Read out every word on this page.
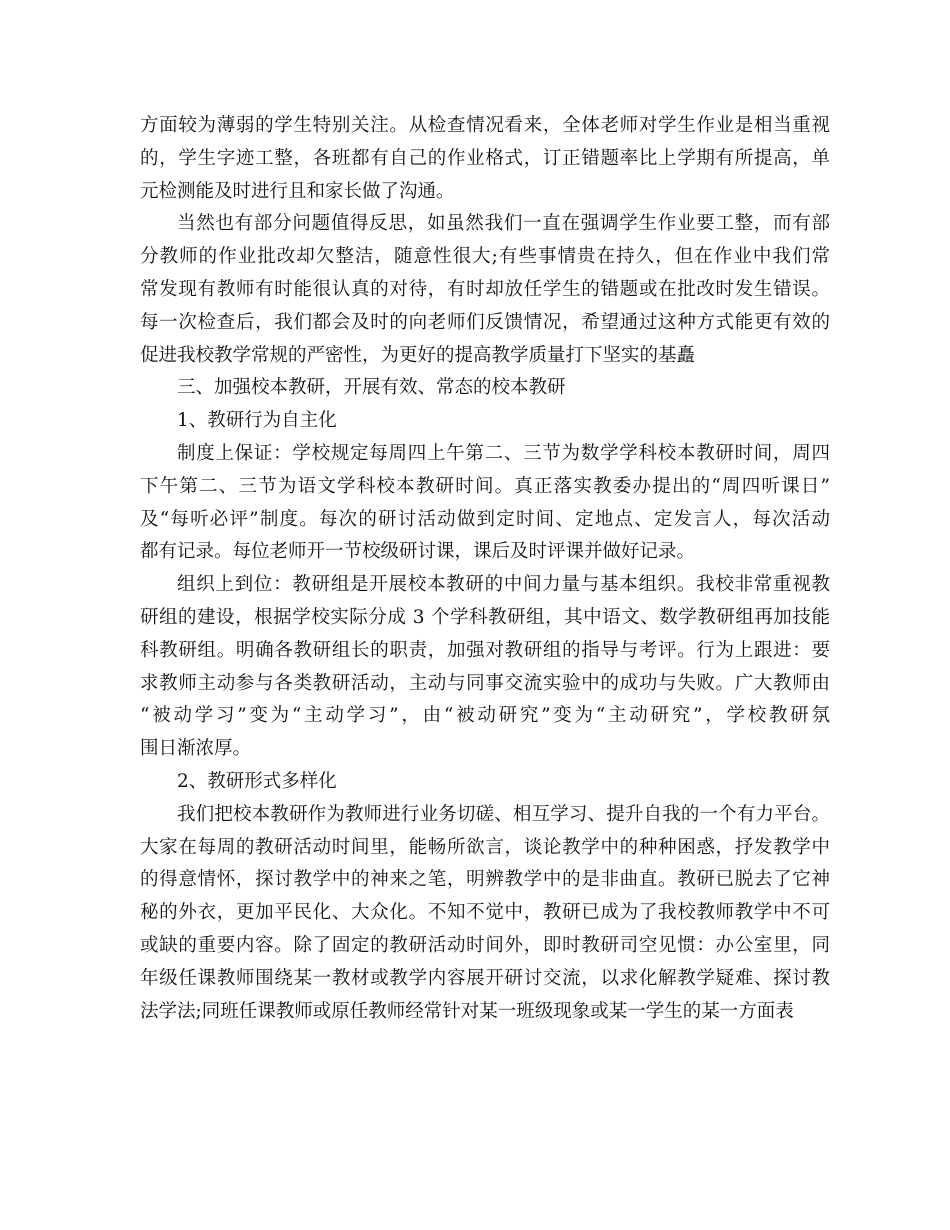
方面较为薄弱的学生特别关注。从检查情况看来，全体老师对学生作业是相当重视
的，学生字迹工整，各班都有自己的作业格式，订正错题率比上学期有所提高，单
元检测能及时进行且和家长做了沟通。
当然也有部分问题值得反思，如虽然我们一直在强调学生作业要工整，而有部
分教师的作业批改却欠整洁，随意性很大;有些事情贵在持久，但在作业中我们常
常发现有教师有时能很认真的对待，有时却放任学生的错题或在批改时发生错误。
每一次检查后，我们都会及时的向老师们反馈情况，希望通过这种方式能更有效的
促进我校教学常规的严密性，为更好的提高教学质量打下坚实的基矗
三、加强校本教研，开展有效、常态的校本教研
1、教研行为自主化
制度上保证：学校规定每周四上午第二、三节为数学学科校本教研时间，周四
下午第二、三节为语文学科校本教研时间。真正落实教委办提出的“周四听课日”
及“每听必评”制度。每次的研讨活动做到定时间、定地点、定发言人，每次活动
都有记录。每位老师开一节校级研讨课，课后及时评课并做好记录。
组织上到位：教研组是开展校本教研的中间力量与基本组织。我校非常重视教
研组的建设，根据学校实际分成 3 个学科教研组，其中语文、数学教研组再加技能
科教研组。明确各教研组长的职责，加强对教研组的指导与考评。行为上跟进：要
求教师主动参与各类教研活动，主动与同事交流实验中的成功与失败。广大教师由
“被动学习”变为“主动学习”，由“被动研究”变为“主动研究”，学校教研氛
围日渐浓厚。
2、教研形式多样化
我们把校本教研作为教师进行业务切磋、相互学习、提升自我的一个有力平台。
大家在每周的教研活动时间里，能畅所欲言，谈论教学中的种种困惑，抒发教学中
的得意情怀，探讨教学中的神来之笔，明辨教学中的是非曲直。教研已脱去了它神
秘的外衣，更加平民化、大众化。不知不觉中，教研已成为了我校教师教学中不可
或缺的重要内容。除了固定的教研活动时间外，即时教研司空见惯：办公室里，同
年级任课教师围绕某一教材或教学内容展开研讨交流，以求化解教学疑难、探讨教
法学法;同班任课教师或原任教师经常针对某一班级现象或某一学生的某一方面表
